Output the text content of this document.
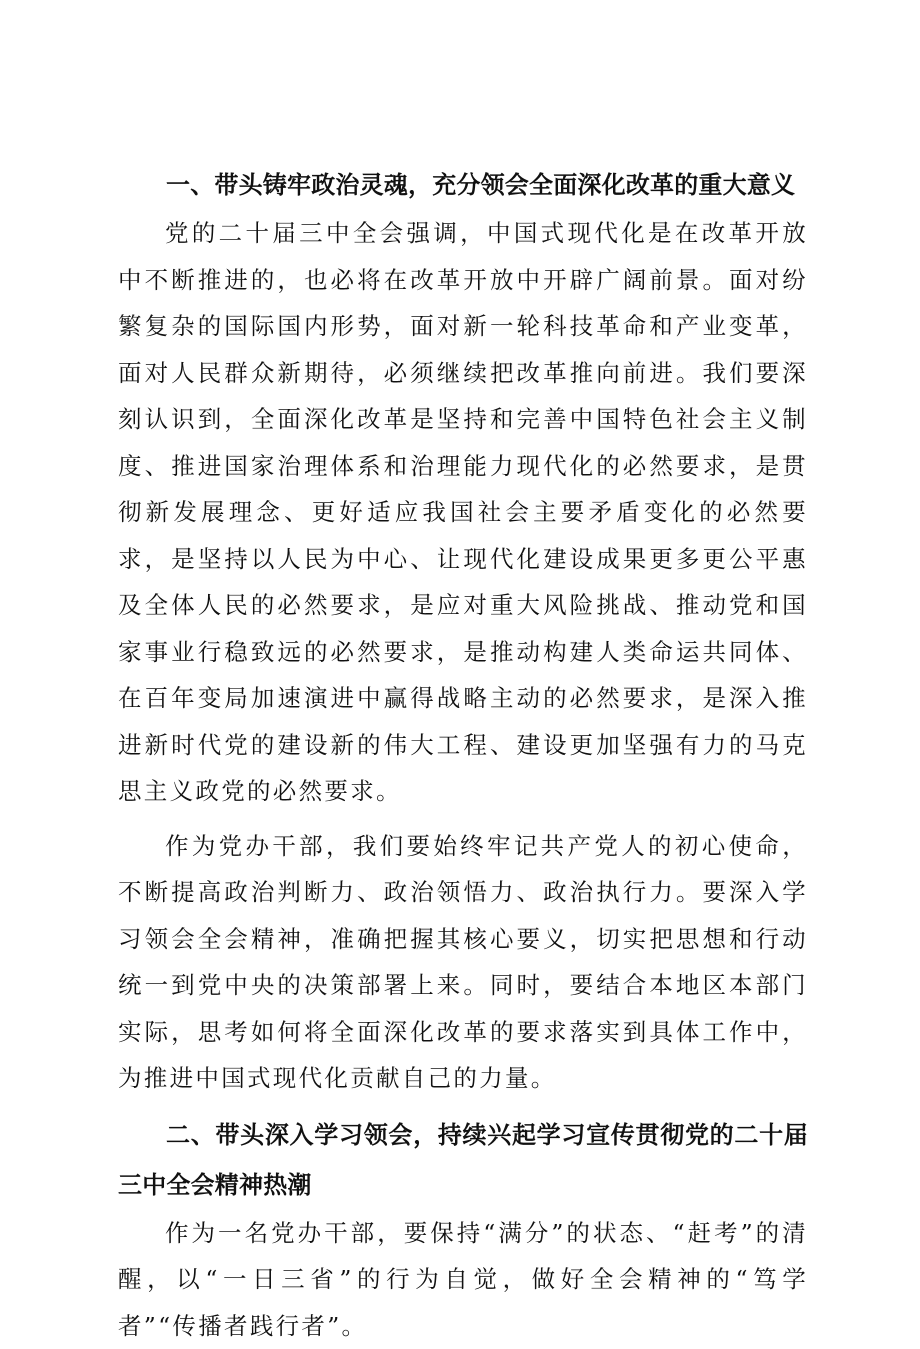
一、带头铸牢政治灵魂，充分领会全面深化改革的重大意义

党的二十届三中全会强调，中国式现代化是在改革开放中不断推进的，也必将在改革开放中开辟广阔前景。面对纷繁复杂的国际国内形势，面对新一轮科技革命和产业变革，面对人民群众新期待，必须继续把改革推向前进。我们要深刻认识到，全面深化改革是坚持和完善中国特色社会主义制度、推进国家治理体系和治理能力现代化的必然要求，是贯彻新发展理念、更好适应我国社会主要矛盾变化的必然要求，是坚持以人民为中心、让现代化建设成果更多更公平惠及全体人民的必然要求，是应对重大风险挑战、推动党和国家事业行稳致远的必然要求，是推动构建人类命运共同体、在百年变局加速演进中赢得战略主动的必然要求，是深入推进新时代党的建设新的伟大工程、建设更加坚强有力的马克思主义政党的必然要求。

作为党办干部，我们要始终牢记共产党人的初心使命，不断提高政治判断力、政治领悟力、政治执行力。要深入学习领会全会精神，准确把握其核心要义，切实把思想和行动统一到党中央的决策部署上来。同时，要结合本地区本部门实际，思考如何将全面深化改革的要求落实到具体工作中，为推进中国式现代化贡献自己的力量。

二、带头深入学习领会，持续兴起学习宣传贯彻党的二十届三中全会精神热潮

作为一名党办干部，要保持“满分”的状态、“赶考”的清醒，以“一日三省”的行为自觉，做好全会精神的“笃学者”“传播者践行者”。
